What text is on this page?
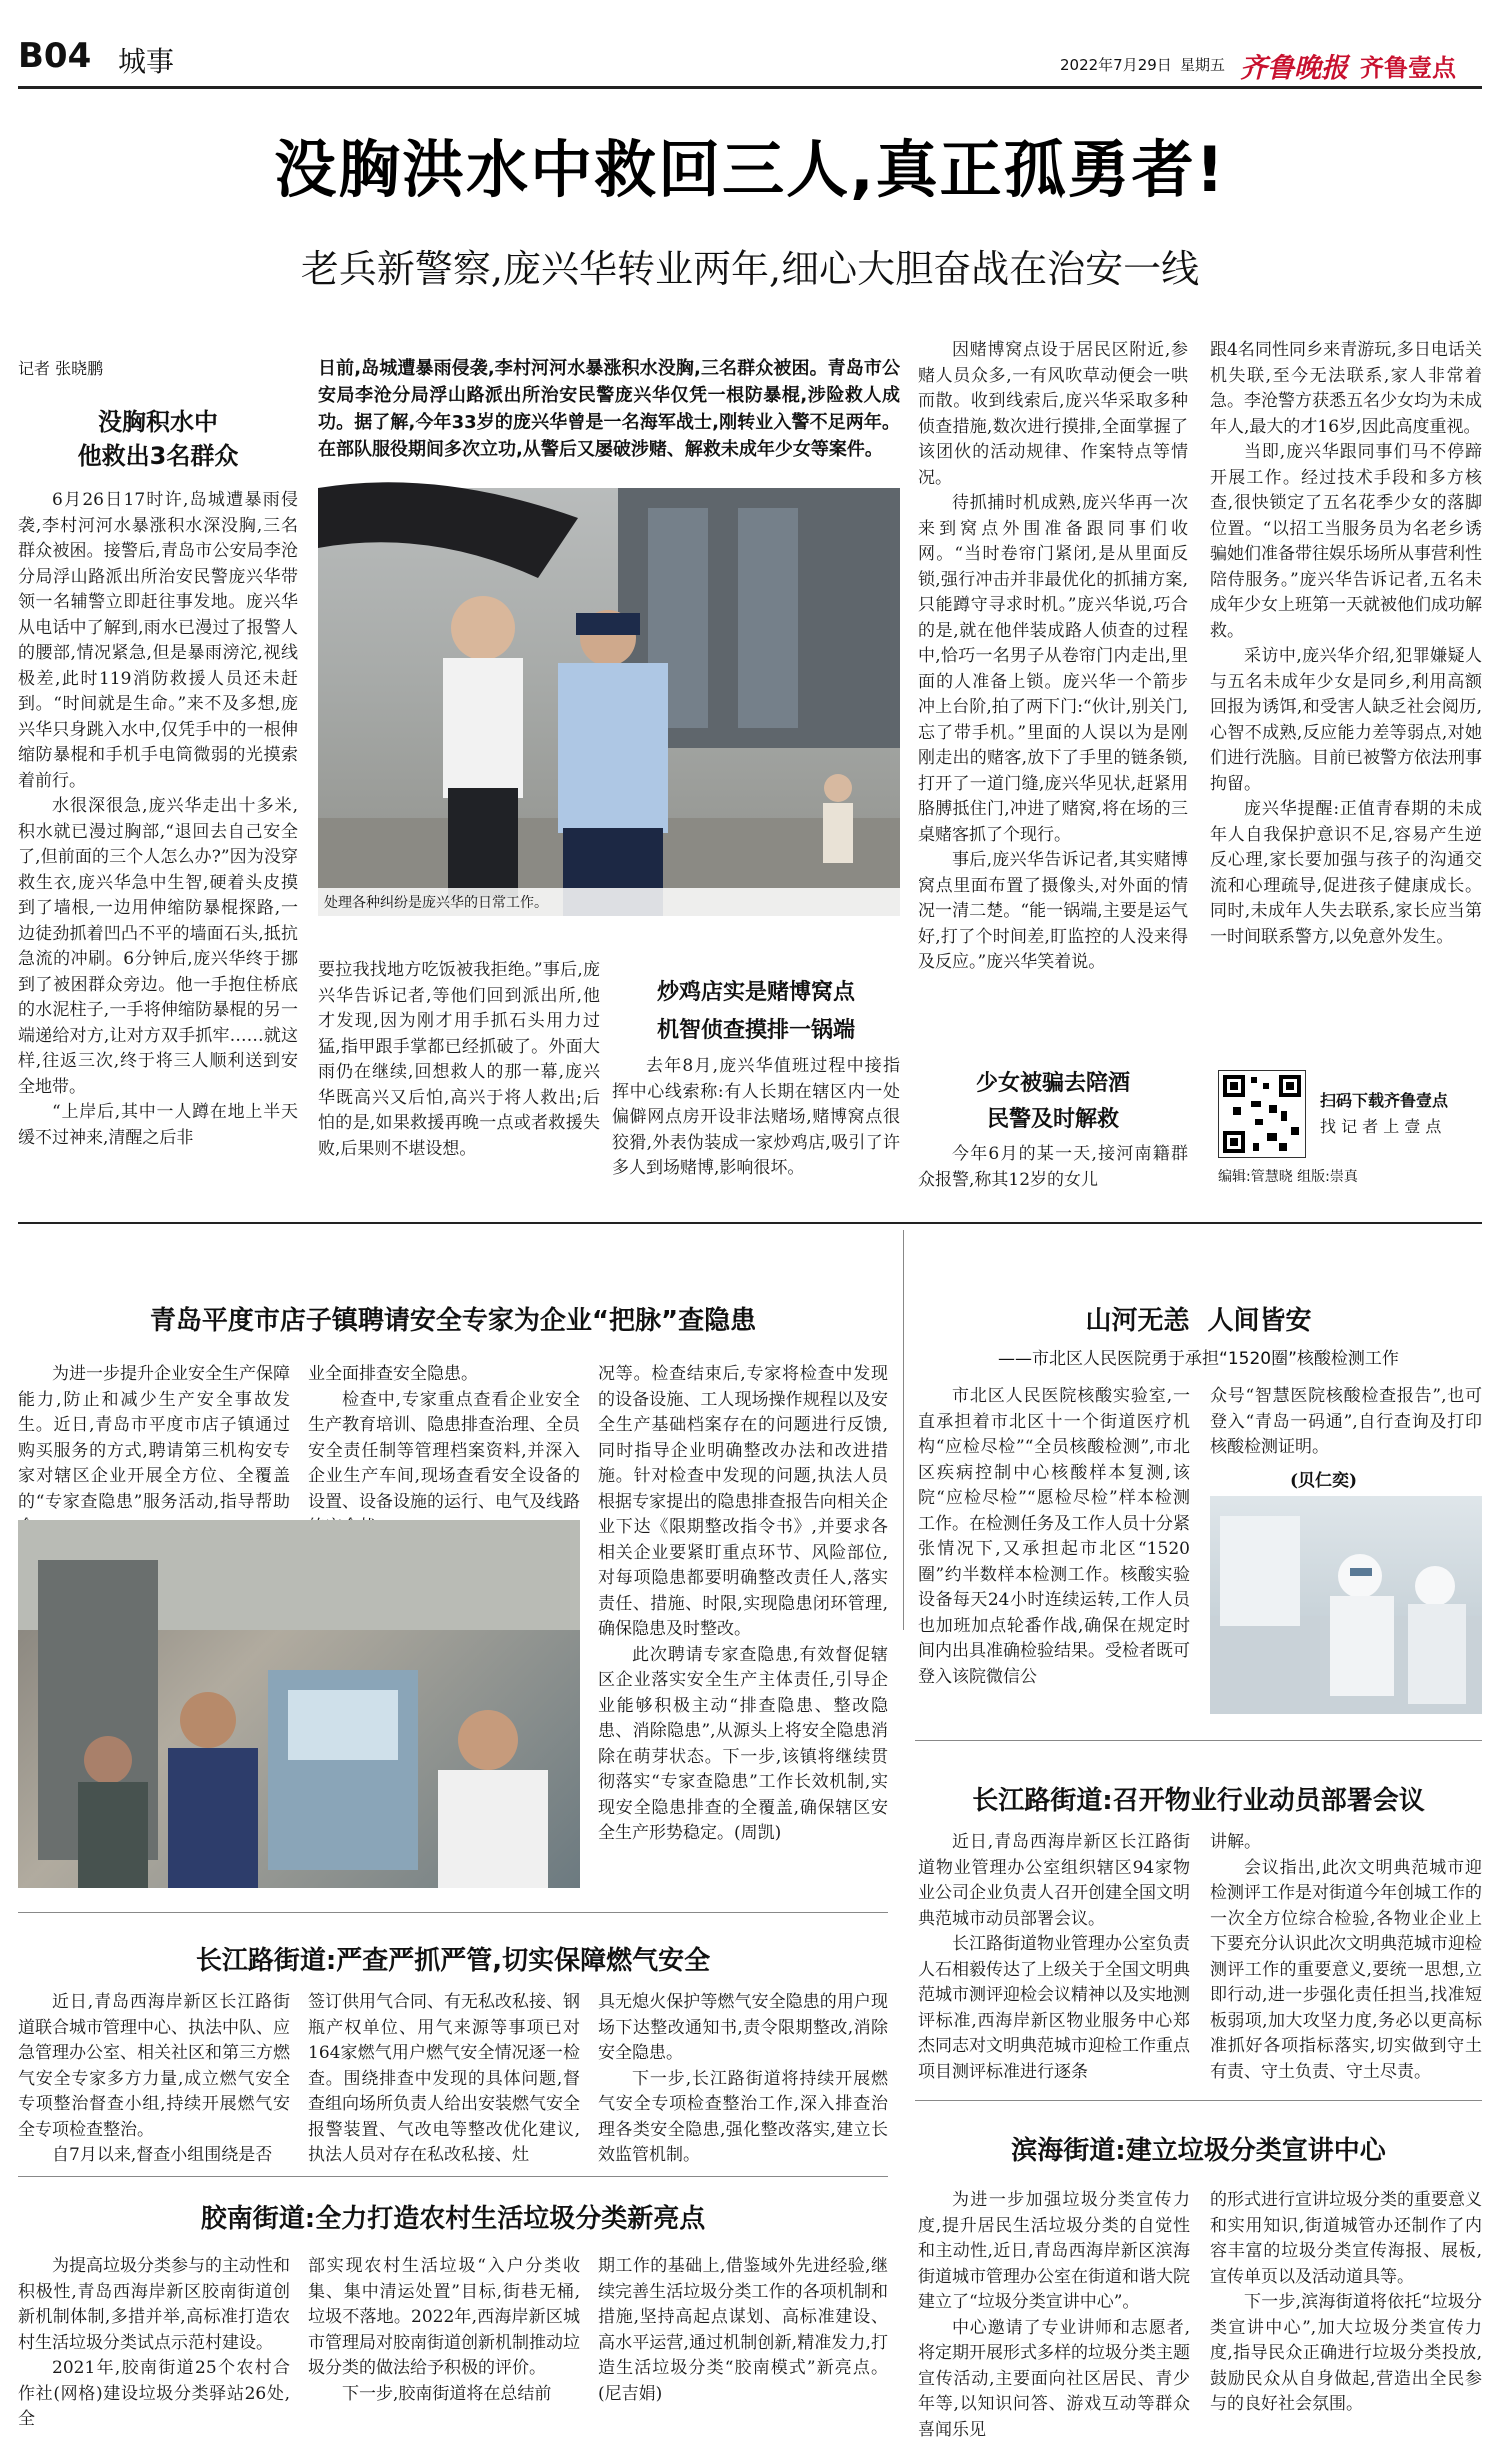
B04 城事	2022年7月29日 星期五 齐鲁晚报 齐鲁壹点
没胸洪水中救回三人,真正孤勇者!
老兵新警察,庞兴华转业两年,细心大胆奋战在治安一线
记者 张晓鹏
没胸积水中
他救出3名群众

6月26日17时许,岛城遭暴雨侵袭,李村河河水暴涨积水深没胸,三名群众被困。接警后,青岛市公安局李沧分局浮山路派出所治安民警庞兴华带领一名辅警立即赶往事发地。庞兴华从电话中了解到,雨水已漫过了报警人的腰部,情况紧急,但是暴雨滂沱,视线极差,此时119消防救援人员还未赶到。“时间就是生命。”来不及多想,庞兴华只身跳入水中,仅凭手中的一根伸缩防暴棍和手机手电筒微弱的光摸索着前行。

水很深很急,庞兴华走出十多米,积水就已漫过胸部,“退回去自己安全了,但前面的三个人怎么办?”因为没穿救生衣,庞兴华急中生智,硬着头皮摸到了墙根,一边用伸缩防暴棍探路,一边徒劲抓着凹凸不平的墙面石头,抵抗急流的冲刷。6分钟后,庞兴华终于挪到了被困群众旁边。他一手抱住桥底的水泥柱子,一手将伸缩防暴棍的另一端递给对方,让对方双手抓牢……就这样,往返三次,终于将三人顺利送到安全地带。

“上岸后,其中一人蹲在地上半天缓不过神来,清醒之后非

日前,岛城遭暴雨侵袭,李村河河水暴涨积水没胸,三名群众被困。青岛市公安局李沧分局浮山路派出所治安民警庞兴华仅凭一根防暴棍,涉险救人成功。据了解,今年33岁的庞兴华曾是一名海军战士,刚转业入警不足两年。在部队服役期间多次立功,从警后又屡破涉赌、解救未成年少女等案件。
处理各种纠纷是庞兴华的日常工作。

要拉我找地方吃饭被我拒绝。”事后,庞兴华告诉记者,等他们回到派出所,他才发现,因为刚才用手抓石头用力过猛,指甲跟手掌都已经抓破了。外面大雨仍在继续,回想救人的那一幕,庞兴华既高兴又后怕,高兴于将人救出;后怕的是,如果救援再晚一点或者救援失败,后果则不堪设想。

炒鸡店实是赌博窝点
机智侦查摸排一锅端

去年8月,庞兴华值班过程中接指挥中心线索称:有人长期在辖区内一处偏僻网点房开设非法赌场,赌博窝点很狡猾,外表伪装成一家炒鸡店,吸引了许多人到场赌博,影响很坏。

因赌博窝点设于居民区附近,参赌人员众多,一有风吹草动便会一哄而散。收到线索后,庞兴华采取多种侦查措施,数次进行摸排,全面掌握了该团伙的活动规律、作案特点等情况。

待抓捕时机成熟,庞兴华再一次来到窝点外围准备跟同事们收网。“当时卷帘门紧闭,是从里面反锁,强行冲击并非最优化的抓捕方案,只能蹲守寻求时机。”庞兴华说,巧合的是,就在他伴装成路人侦查的过程中,恰巧一名男子从卷帘门内走出,里面的人准备上锁。庞兴华一个箭步冲上台阶,拍了两下门:“伙计,别关门,忘了带手机。”里面的人误以为是刚刚走出的赌客,放下了手里的链条锁,打开了一道门缝,庞兴华见状,赶紧用胳膊抵住门,冲进了赌窝,将在场的三桌赌客抓了个现行。

事后,庞兴华告诉记者,其实赌博窝点里面布置了摄像头,对外面的情况一清二楚。“能一锅端,主要是运气好,打了个时间差,盯监控的人没来得及反应。”庞兴华笑着说。

少女被骗去陪酒
民警及时解救

今年6月的某一天,接河南籍群众报警,称其12岁的女儿

跟4名同性同乡来青游玩,多日电话关机失联,至今无法联系,家人非常着急。李沧警方获悉五名少女均为未成年人,最大的才16岁,因此高度重视。

当即,庞兴华跟同事们马不停蹄开展工作。经过技术手段和多方核查,很快锁定了五名花季少女的落脚位置。“以招工当服务员为名老乡诱骗她们准备带往娱乐场所从事营利性陪侍服务。”庞兴华告诉记者,五名未成年少女上班第一天就被他们成功解救。

采访中,庞兴华介绍,犯罪嫌疑人与五名未成年少女是同乡,利用高额回报为诱饵,和受害人缺乏社会阅历,心智不成熟,反应能力差等弱点,对她们进行洗脑。目前已被警方依法刑事拘留。

庞兴华提醒:正值青春期的未成年人自我保护意识不足,容易产生逆反心理,家长要加强与孩子的沟通交流和心理疏导,促进孩子健康成长。同时,未成年人失去联系,家长应当第一时间联系警方,以免意外发生。

扫码下载齐鲁壹点
找 记 者 上 壹 点
编辑:管慧晓 组版:崇真
青岛平度市店子镇聘请安全专家为企业“把脉”查隐患

为进一步提升企业安全生产保障能力,防止和减少生产安全事故发生。近日,青岛市平度市店子镇通过购买服务的方式,聘请第三机构安专家对辖区企业开展全方位、全覆盖的“专家查隐患”服务活动,指导帮助

业全面排查安全隐患。

检查中,专家重点查看企业安全生产教育培训、隐患排查治理、全员安全责任制等管理档案资料,并深入企业生产车间,现场查看安全设备的设置、设备设施的运行、电气及线路

况等。检查结束后,专家将检查中发现的设备设施、工人现场操作规程以及安全生产基础档案存在的问题进行反馈,同时指导企业明确整改办法和改进措施。针对检查中发现的问题,执法人员根据专家提出的隐患排查报告向相关企业下达《限期整改指令书》,并要求各相关企业要紧盯重点环节、风险部位,对每项隐患都要明确整改责任人,落实责任、措施、时限,实现隐患闭环管理,确保隐患及时整改。

此次聘请专家查隐患,有效督促辖区企业落实安全生产主体责任,引导企业能够积极主动“排查隐患、整改隐患、消除隐患”,从源头上将安全隐患消除在萌芽状态。下一步,该镇将继续贯彻落实“专家查隐患”工作长效机制,实现安全隐患排查的全覆盖,确保辖区安全生产形势稳定。(周凯)

山河无恙  人间皆安
——市北区人民医院勇于承担“1520圈”核酸检测工作

市北区人民医院核酸实验室,一直承担着市北区十一个街道医疗机构“应检尽检”“全员核酸检测”,市北区疾病控制中心核酸样本复测,该院“应检尽检”“愿检尽检”样本检测工作。在检测任务及工作人员十分紧张情况下,又承担起市北区“1520圈”约半数样本检测工作。核酸实验设备每天24小时连续运转,工作人员也加班加点轮番作战,确保在规定时间内出具准确检验结果。受检者既可登入该院微信公

众号“智慧医院核酸检查报告”,也可登入“青岛一码通”,自行查询及打印核酸检测证明。

(贝仁奕)
长江路街道:召开物业行业动员部署会议

近日,青岛西海岸新区长江路街道物业管理办公室组织辖区94家物业公司企业负责人召开创建全国文明典范城市动员部署会议。

长江路街道物业管理办公室负责人石相毅传达了上级关于全国文明典范城市测评迎检会议精神以及实地测评标准,西海岸新区物业服务中心郑杰同志对文明典范城市迎检工作重点项目测评标准进行逐条

讲解。

会议指出,此次文明典范城市迎检测评工作是对街道今年创城工作的一次全方位综合检验,各物业企业上下要充分认识此次文明典范城市迎检测评工作的重要意义,要统一思想,立即行动,进一步强化责任担当,找准短板弱项,加大攻坚力度,务必以更高标准抓好各项指标落实,切实做到守土有责、守土负责、守土尽责。

长江路街道:严查严抓严管,切实保障燃气安全

近日,青岛西海岸新区长江路街道联合城市管理中心、执法中队、应急管理办公室、相关社区和第三方燃气安全专家多方力量,成立燃气安全专项整治督查小组,持续开展燃气安全专项检查整治。

自7月以来,督查小组围绕是否

签订供用气合同、有无私改私接、钢瓶产权单位、用气来源等事项已对164家燃气用户燃气安全情况逐一检查。围绕排查中发现的具体问题,督查组向场所负责人给出安装燃气安全报警装置、气改电等整改优化建议,执法人员对存在私改私接、灶

具无熄火保护等燃气安全隐患的用户现场下达整改通知书,责令限期整改,消除安全隐患。

下一步,长江路街道将持续开展燃气安全专项检查整治工作,深入排查治理各类安全隐患,强化整改落实,建立长效监管机制。

胶南街道:全力打造农村生活垃圾分类新亮点

为提高垃圾分类参与的主动性和积极性,青岛西海岸新区胶南街道创新机制体制,多措并举,高标准打造农村生活垃圾分类试点示范村建设。

2021年,胶南街道25个农村合作社(网格)建设垃圾分类驿站26处,全

部实现农村生活垃圾“入户分类收集、集中清运处置”目标,街巷无桶,垃圾不落地。2022年,西海岸新区城市管理局对胶南街道创新机制推动垃圾分类的做法给予积极的评价。

下一步,胶南街道将在总结前

期工作的基础上,借鉴域外先进经验,继续完善生活垃圾分类工作的各项机制和措施,坚持高起点谋划、高标准建设、高水平运营,通过机制创新,精准发力,打造生活垃圾分类“胶南模式”新亮点。(尼吉娟)

滨海街道:建立垃圾分类宣讲中心

为进一步加强垃圾分类宣传力度,提升居民生活垃圾分类的自觉性和主动性,近日,青岛西海岸新区滨海街道城市管理办公室在街道和谐大院建立了“垃圾分类宣讲中心”。

中心邀请了专业讲师和志愿者,将定期开展形式多样的垃圾分类主题宣传活动,主要面向社区居民、青少年等,以知识问答、游戏互动等群众喜闻乐见

的形式进行宣讲垃圾分类的重要意义和实用知识,街道城管办还制作了内容丰富的垃圾分类宣传海报、展板,宣传单页以及活动道具等。

下一步,滨海街道将依托“垃圾分类宣讲中心”,加大垃圾分类宣传力度,指导民众正确进行垃圾分类投放,鼓励民众从自身做起,营造出全民参与的良好社会氛围。
